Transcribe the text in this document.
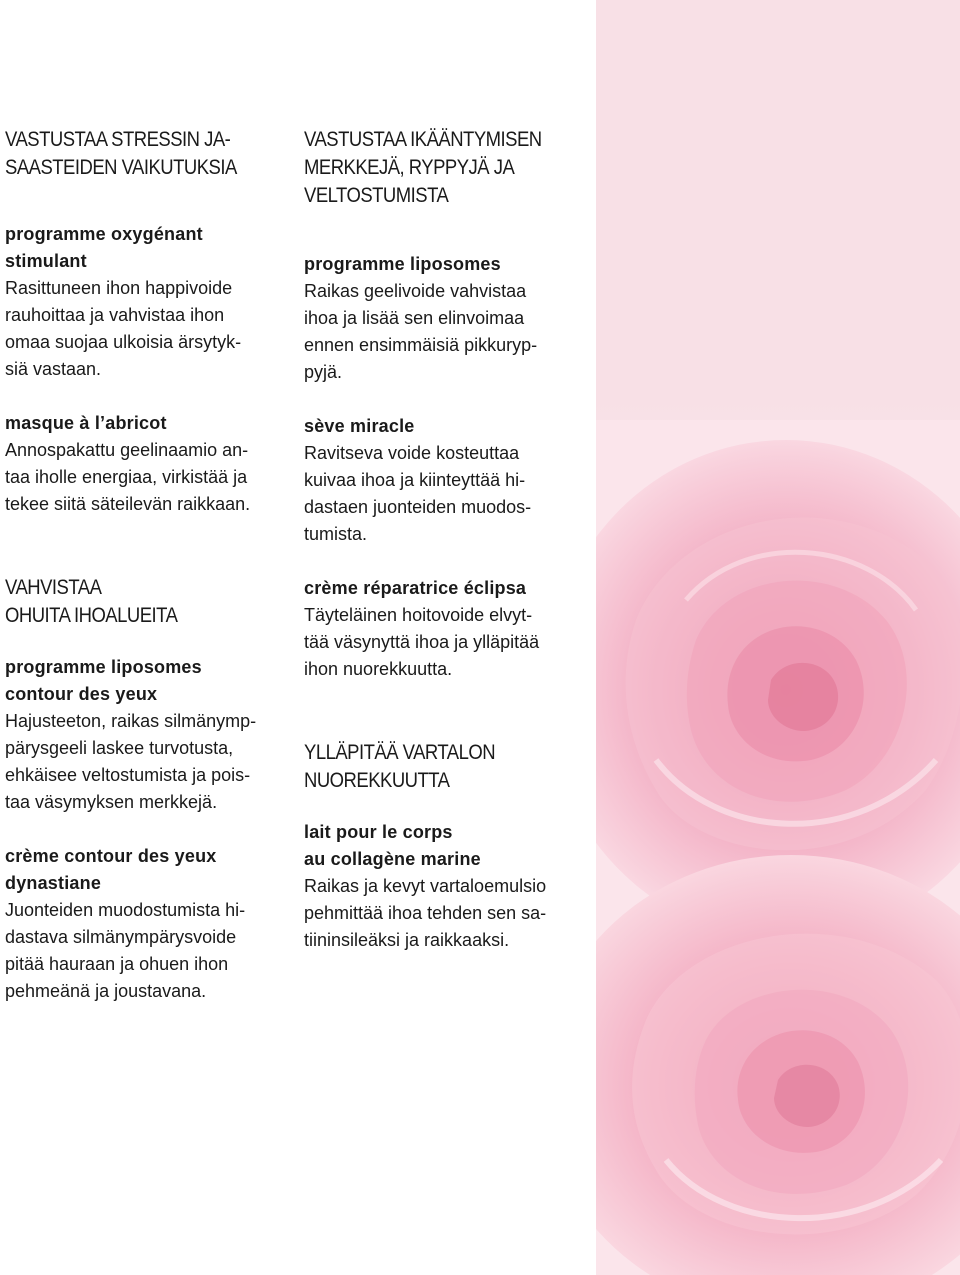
VASTUSTAA STRESSIN JA-
SAASTEIDEN VAIKUTUKSIA
programme oxygénant
stimulant
Rasittuneen ihon happivoide
rauhoittaa ja vahvistaa ihon
omaa suojaa ulkoisia ärsytyk-
siä vastaan.
masque à l’abricot
Annospakattu geelinaamio an-
taa iholle energiaa, virkistää ja
tekee siitä säteilevän raikkaan.
VAHVISTAA
OHUITA IHOALUEITA
programme liposomes
contour des yeux
Hajusteeton, raikas silmänymp-
pärysgeeli laskee turvotusta,
ehkäisee veltostumista ja pois-
taa väsymyksen merkkejä.
crème contour des yeux
dynastiane
Juonteiden muodostumista hi-
dastava silmänympärysvoide
pitää hauraan ja ohuen ihon
pehmeänä ja joustavana.
VASTUSTAA IKÄÄNTYMISEN
MERKKEJÄ, RYPPYJÄ JA
VELTOSTUMISTA
programme liposomes
Raikas geelivoide vahvistaa
ihoa ja lisää sen elinvoimaa
ennen ensimmäisiä pikkuryp-
pyjä.
sève miracle
Ravitseva voide kosteuttaa
kuivaa ihoa ja kiinteyttää hi-
dastaen juonteiden muodos-
tumista.
crème réparatrice éclipsa
Täyteläinen hoitovoide elvyt-
tää väsynyttä ihoa ja ylläpitää
ihon nuorekkuutta.
YLLÄPITÄÄ VARTALON
NUOREKKUUTTA
lait pour le corps
au collagène marine
Raikas ja kevyt vartaloemulsio
pehmittää ihoa tehden sen sa-
tiininsileäksi ja raikkaaksi.
